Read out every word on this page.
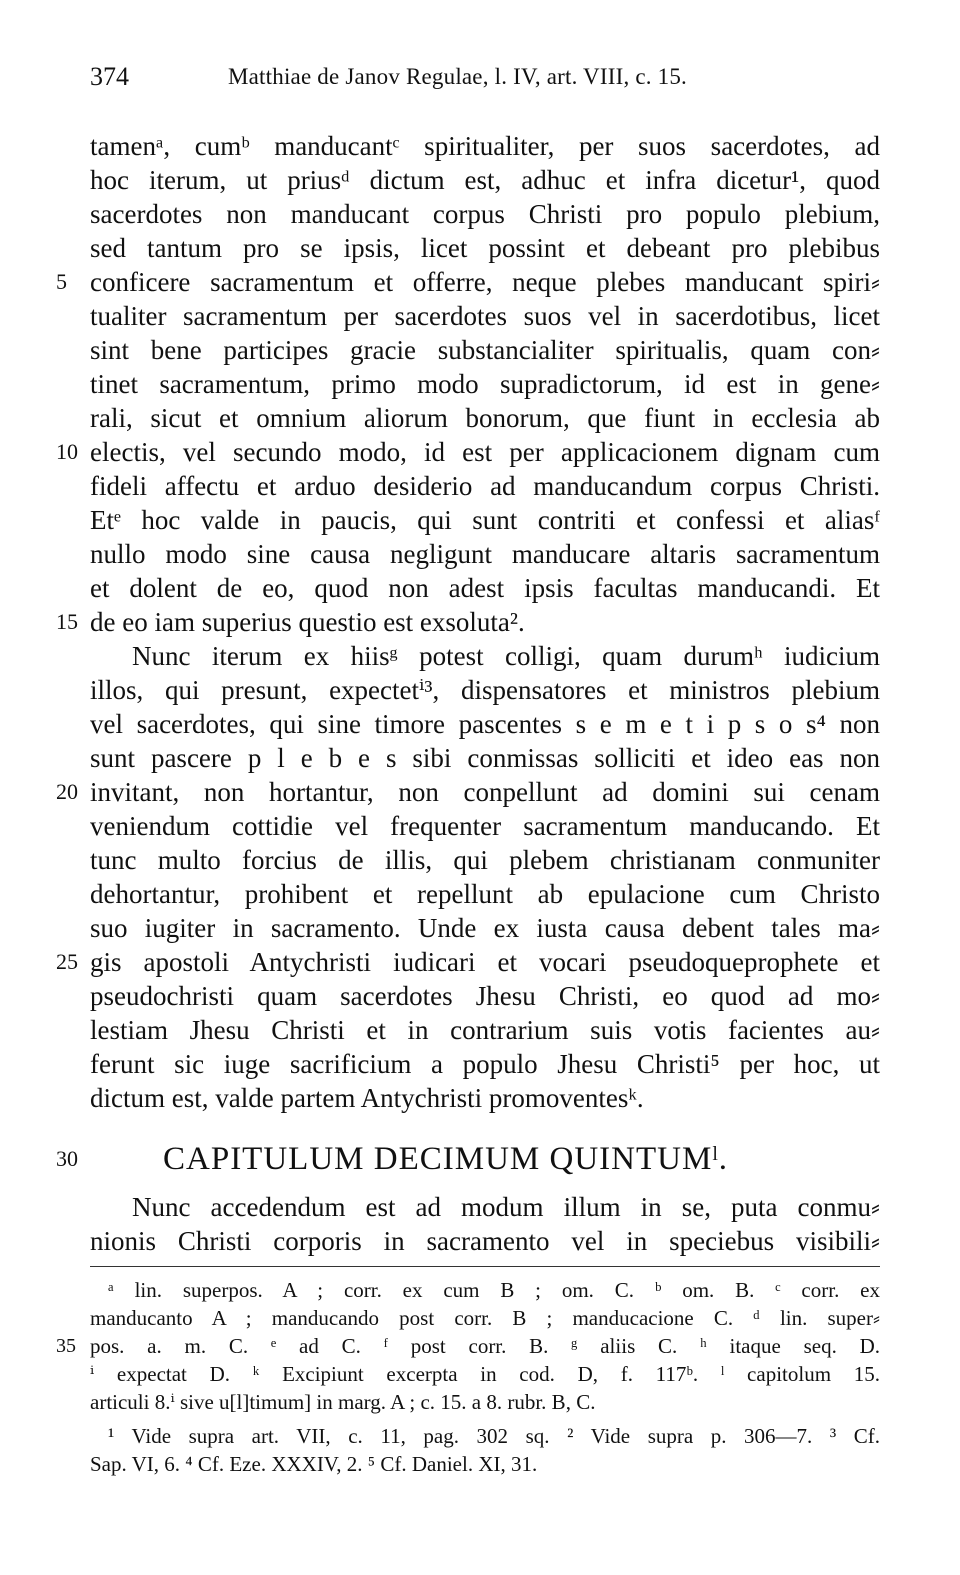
374	Matthiae de Janov Regulae, l. IV, art. VIII, c. 15.
tamenᵃ, cumᵇ manducantᶜ spiritualiter, per suos sacerdotes, ad
hoc iterum, ut priusᵈ dictum est, adhuc et infra dicetur¹, quod
sacerdotes non manducant corpus Christi pro populo plebium,
sed tantum pro se ipsis, licet possint et debeant pro plebibus
5 conficere sacramentum et offerre, neque plebes manducant spiri⸗
tualiter sacramentum per sacerdotes suos vel in sacerdotibus, licet
sint bene participes gracie substancialiter spiritualis, quam con⸗
tinet sacramentum, primo modo supradictorum, id est in gene⸗
rali, sicut et omnium aliorum bonorum, que fiunt in ecclesia ab
10 electis, vel secundo modo, id est per applicacionem dignam cum
fideli affectu et arduo desiderio ad manducandum corpus Christi.
Etᵉ hoc valde in paucis, qui sunt contriti et confessi et aliasᶠ
nullo modo sine causa negligunt manducare altaris sacramentum
et dolent de eo, quod non adest ipsis facultas manducandi. Et
15 de eo iam superius questio est exsoluta².
Nunc iterum ex hiisᵍ potest colligi, quam durumʰ iudicium
illos, qui presunt, expectetⁱ³, dispensatores et ministros plebium
vel sacerdotes, qui sine timore pascentes s e m e t i p s o s⁴ non
sunt pascere p l e b e s sibi conmissas solliciti et ideo eas non
20 invitant, non hortantur, non conpellunt ad domini sui cenam
veniendum cottidie vel frequenter sacramentum manducando. Et
tunc multo forcius de illis, qui plebem christianam conmuniter
dehortantur, prohibent et repellunt ab epulacione cum Christo
suo iugiter in sacramento. Unde ex iusta causa debent tales ma⸗
25 gis apostoli Antychristi iudicari et vocari pseudoqueprophete et
pseudochristi quam sacerdotes Jhesu Christi, eo quod ad mo⸗
lestiam Jhesu Christi et in contrarium suis votis facientes au⸗
ferunt sic iuge sacrificium a populo Jhesu Christi⁵ per hoc, ut
dictum est, valde partem Antychristi promoventesᵏ.
30	CAPITULUM DECIMUM QUINTUMˡ.
Nunc accedendum est ad modum illum in se, puta conmu⸗
nionis Christi corporis in sacramento vel in speciebus visibili⸗
ᵃ lin. superpos. A ; corr. ex cum B ; om. C. ᵇ om. B. ᶜ corr. ex
manducanto A ; manducando post corr. B ; manducacione C. ᵈ lin. super⸗
35 pos. a. m. C. ᵉ ad C. ᶠ post corr. B. ᵍ aliis C. ʰ itaque seq. D.
ⁱ expectat D. ᵏ Excipiunt excerpta in cod. D, f. 117ᵇ. ˡ capitolum 15.
articuli 8.ⁱ sive u[l]timum] in marg. A ; c. 15. a 8. rubr. B, C.
¹ Vide supra art. VII, c. 11, pag. 302 sq. ² Vide supra p. 306—7. ³ Cf.
Sap. VI, 6. ⁴ Cf. Eze. XXXIV, 2. ⁵ Cf. Daniel. XI, 31.
